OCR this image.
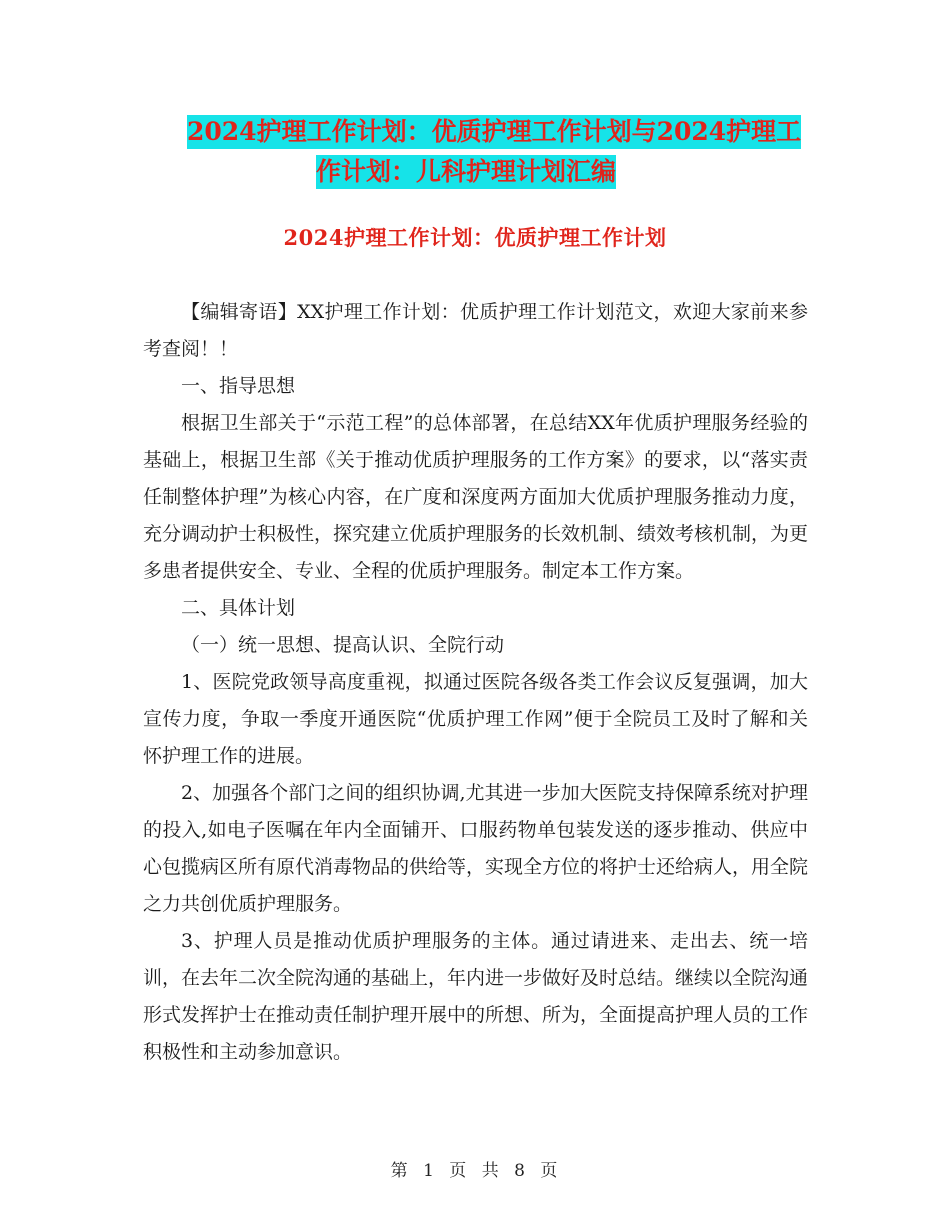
2024护理工作计划：优质护理工作计划与2024护理工
作计划：儿科护理计划汇编
2024护理工作计划：优质护理工作计划

【编辑寄语】XX护理工作计划：优质护理工作计划范文，欢迎大家前来参考查阅！！

一、指导思想

根据卫生部关于“示范工程”的总体部署，在总结XX年优质护理服务经验的基础上，根据卫生部《关于推动优质护理服务的工作方案》的要求，以“落实责任制整体护理”为核心内容，在广度和深度两方面加大优质护理服务推动力度，充分调动护士积极性，探究建立优质护理服务的长效机制、绩效考核机制，为更多患者提供安全、专业、全程的优质护理服务。制定本工作方案。

二、具体计划

（一）统一思想、提高认识、全院行动

1、医院党政领导高度重视，拟通过医院各级各类工作会议反复强调，加大宣传力度，争取一季度开通医院“优质护理工作网”便于全院员工及时了解和关怀护理工作的进展。

2、加强各个部门之间的组织协调,尤其进一步加大医院支持保障系统对护理的投入,如电子医嘱在年内全面铺开、口服药物单包装发送的逐步推动、供应中心包揽病区所有原代消毒物品的供给等，实现全方位的将护士还给病人，用全院之力共创优质护理服务。

3、护理人员是推动优质护理服务的主体。通过请进来、走出去、统一培训，在去年二次全院沟通的基础上，年内进一步做好及时总结。继续以全院沟通形式发挥护士在推动责任制护理开展中的所想、所为，全面提高护理人员的工作积极性和主动参加意识。

第 1 页 共 8 页
